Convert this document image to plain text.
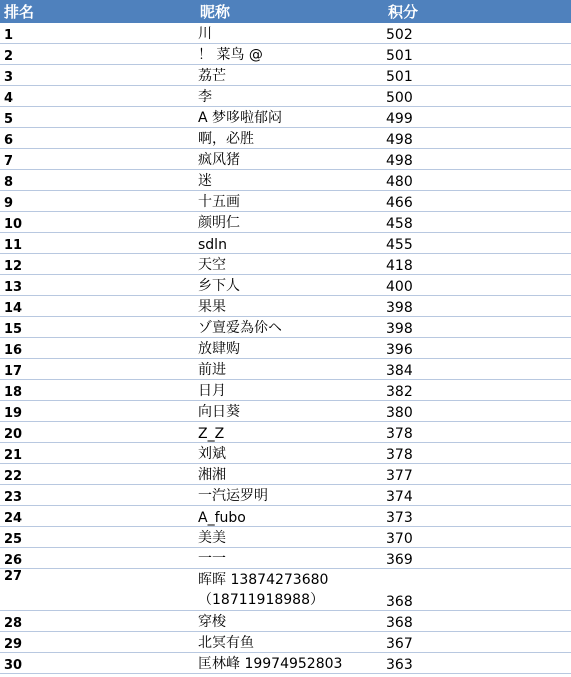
排名	昵称	积分
1	川	502
2	！ 菜鸟 @	501
3	荔芒	501
4	李	500
5	A 梦哆啦郁闷	499
6	啊，必胜	498
7	疯风猪	498
8	迷	480
9	十五画	466
10	颜明仁	458
11	sdln	455
12	天空	418
13	乡下人	400
14	果果	398
15	ゾ亶爱為伱ヘ	398
16	放肆购	396
17	前进	384
18	日月	382
19	向日葵	380
20	Z_Z	378
21	刘斌	378
22	湘湘	377
23	一汽运罗明	374
24	A_fubo	373
25	美美	370
26	一一	369
27	晖晖 13874273680
（18711918988）	368
28	穿梭	368
29	北冥有鱼	367
30	匡林峰 19974952803	363
